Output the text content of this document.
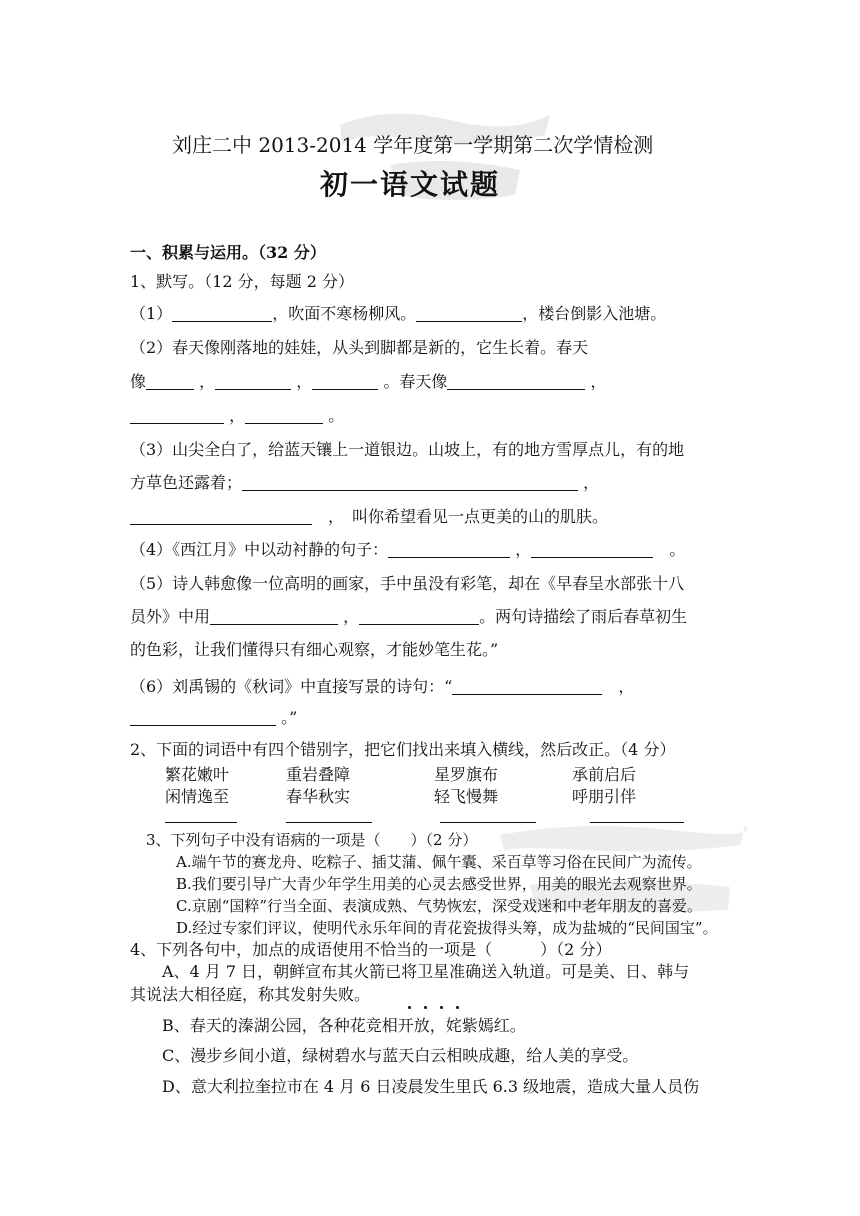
刘庄二中 2013-2014 学年度第一学期第二次学情检测
初一语文试题
一、积累与运用。（32 分）
1、默写。（12 分，每题 2 分）
（1）	，吹面不寒杨柳风。	，楼台倒影入池塘。
（2）春天像刚落地的娃娃，从头到脚都是新的，它生长着。春天
像	，	，	。春天像	，
，	。
（3）山尖全白了，给蓝天镶上一道银边。山坡上，有的地方雪厚点儿，有的地
方草色还露着；	，
　，　叫你希望看见一点更美的山的肌肤。
（4）《西江月》中以动衬静的句子：	，　	。
（5）诗人韩愈像一位高明的画家，手中虽没有彩笔，却在《早春呈水部张十八
员外》中用	，	。两句诗描绘了雨后春草初生
的色彩，让我们懂得只有细心观察，才能妙笔生花。”
（6）刘禹锡的《秋词》中直接写景的诗句：“　	，
。”
2、下面的词语中有四个错别字，把它们找出来填入横线，然后改正。（4 分）
繁花嫩叶	重岩叠障	星罗旗布	承前启后
闲情逸至	春华秋实	轻飞慢舞	呼朋引伴
3、下列句子中没有语病的一项是（　　）（2 分）
A.端午节的赛龙舟、吃粽子、插艾蒲、佩午囊、采百草等习俗在民间广为流传。
B.我们要引导广大青少年学生用美的心灵去感受世界，用美的眼光去观察世界。
C.京剧“国粹”行当全面、表演成熟、气势恢宏，深受戏迷和中老年朋友的喜爱。
D.经过专家们评议，使明代永乐年间的青花瓷拔得头筹，成为盐城的“民间国宝”。
4、下列各句中，加点的成语使用不恰当的一项是（　　　）（2 分）
A、4 月 7 日，朝鲜宣布其火箭已将卫星准确送入轨道。可是美、日、韩与
其说法大相径庭，称其发射失败。
B、春天的溱湖公园，各种花竞相开放，姹紫嫣红。
C、漫步乡间小道，绿树碧水与蓝天白云相映成趣，给人美的享受。
D、意大利拉奎拉市在 4 月 6 日凌晨发生里氏 6.3 级地震，造成大量人员伤
